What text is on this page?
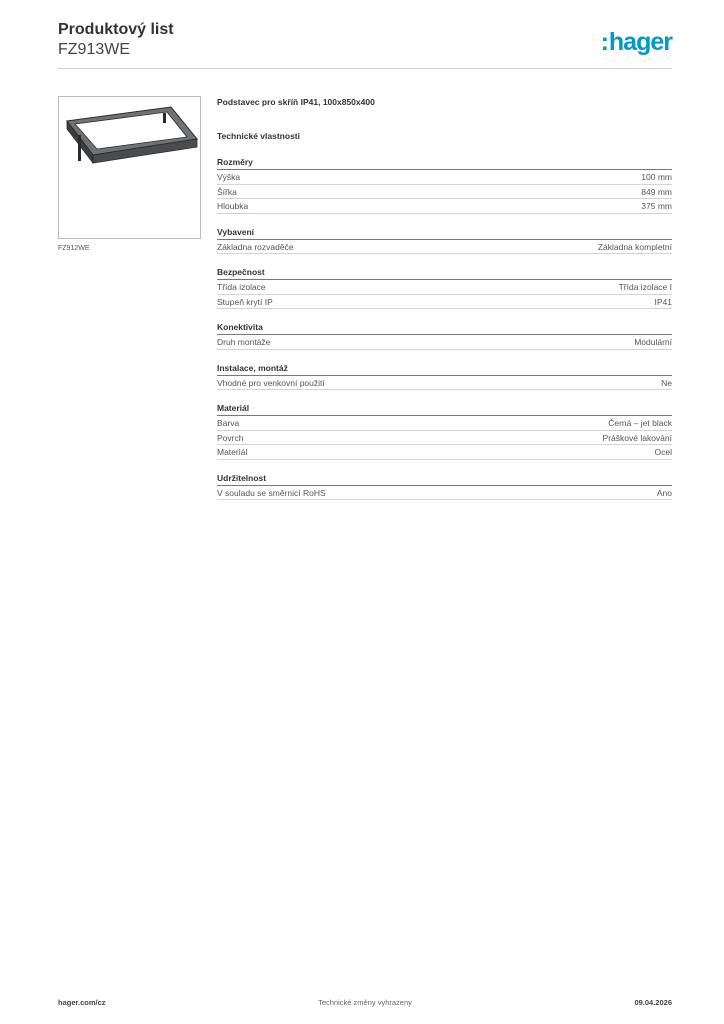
Produktový list
FZ913WE	:hager
FZ912WE
Podstavec pro skříň IP41, 100x850x400
Technické vlastnosti
Rozměry
Výška	100 mm
Šířka	849 mm
Hloubka	375 mm
Vybavení
Základna rozvaděče	Základna kompletní
Bezpečnost
Třída izolace	Třída izolace I
Stupeň krytí IP	IP41
Konektivita
Druh montáže	Modulární
Instalace, montáž
Vhodné pro venkovní použití	Ne
Materiál
Barva	Černá – jet black
Povrch	Práškové lakování
Materiál	Ocel
Udržitelnost
V souladu se směrnicí RoHS	Ano
hager.com/cz	Technické změny vyhrazeny	09.04.2026
